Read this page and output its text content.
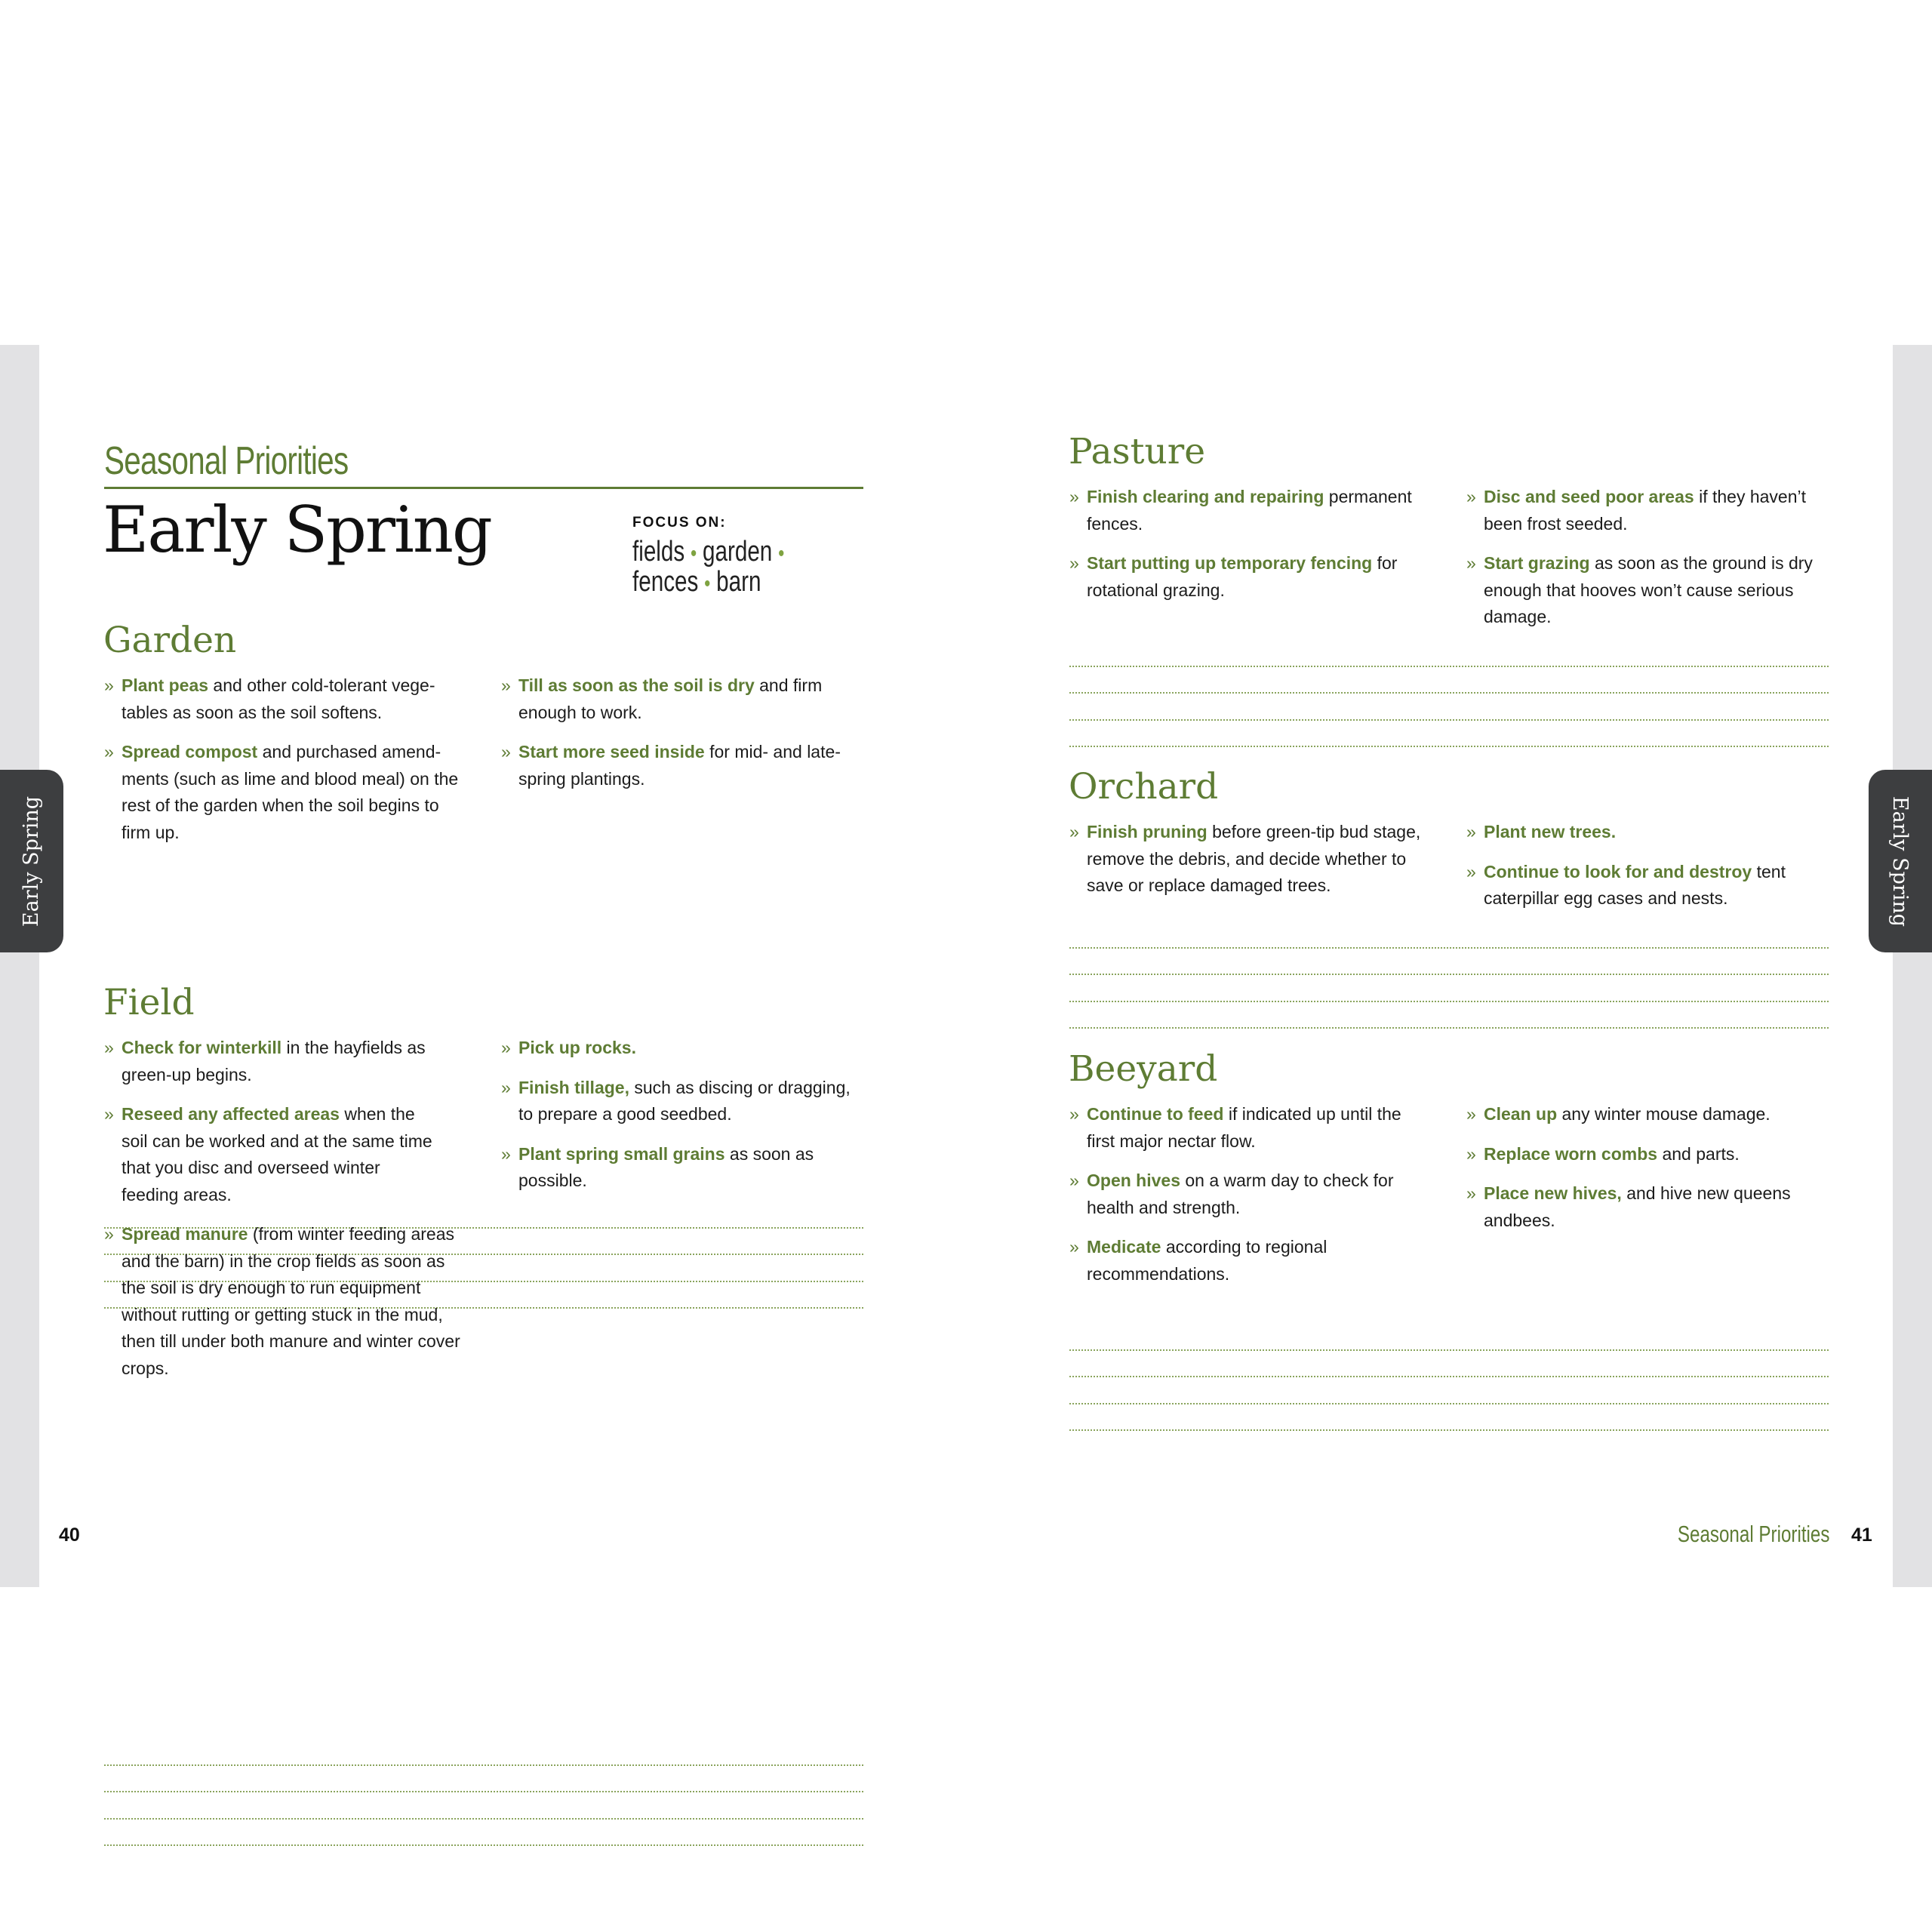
Early Spring	Early Spring
Seasonal Priorities
Early Spring	FOCUS ON:
fields • garden •
fences • barn
Garden
» Plant peas and other cold-tolerant vege-tables as soon as the soil softens.
» Spread compost and purchased amend-ments (such as lime and blood meal) on the rest of the garden when the soil begins to firm up.
» Till as soon as the soil is dry and firm enough to work.
» Start more seed inside for mid- and late-spring plantings.
Field
» Check for winterkill in the hayfields as green-up begins.
» Reseed any affected areas when the soil can be worked and at the same time that you disc and overseed winter feeding areas.
» Spread manure (from winter feeding areas and the barn) in the crop fields as soon as the soil is dry enough to run equipment without rutting or getting stuck in the mud, then till under both manure and winter cover crops.
» Pick up rocks.
» Finish tillage, such as discing or dragging, to prepare a good seedbed.
» Plant spring small grains as soon as possible.
40
Pasture
» Finish clearing and repairing permanent fences.
» Start putting up temporary fencing for rotational grazing.
» Disc and seed poor areas if they haven’t been frost seeded.
» Start grazing as soon as the ground is dry enough that hooves won’t cause serious damage.
Orchard
» Finish pruning before green-tip bud stage, remove the debris, and decide whether to save or replace damaged trees.
» Plant new trees.
» Continue to look for and destroy tent caterpillar egg cases and nests.
Beeyard
» Continue to feed if indicated up until the first major nectar flow.
» Open hives on a warm day to check for health and strength.
» Medicate according to regional recommendations.
» Clean up any winter mouse damage.
» Replace worn combs and parts.
» Place new hives, and hive new queens andbees.
Seasonal Priorities 41
